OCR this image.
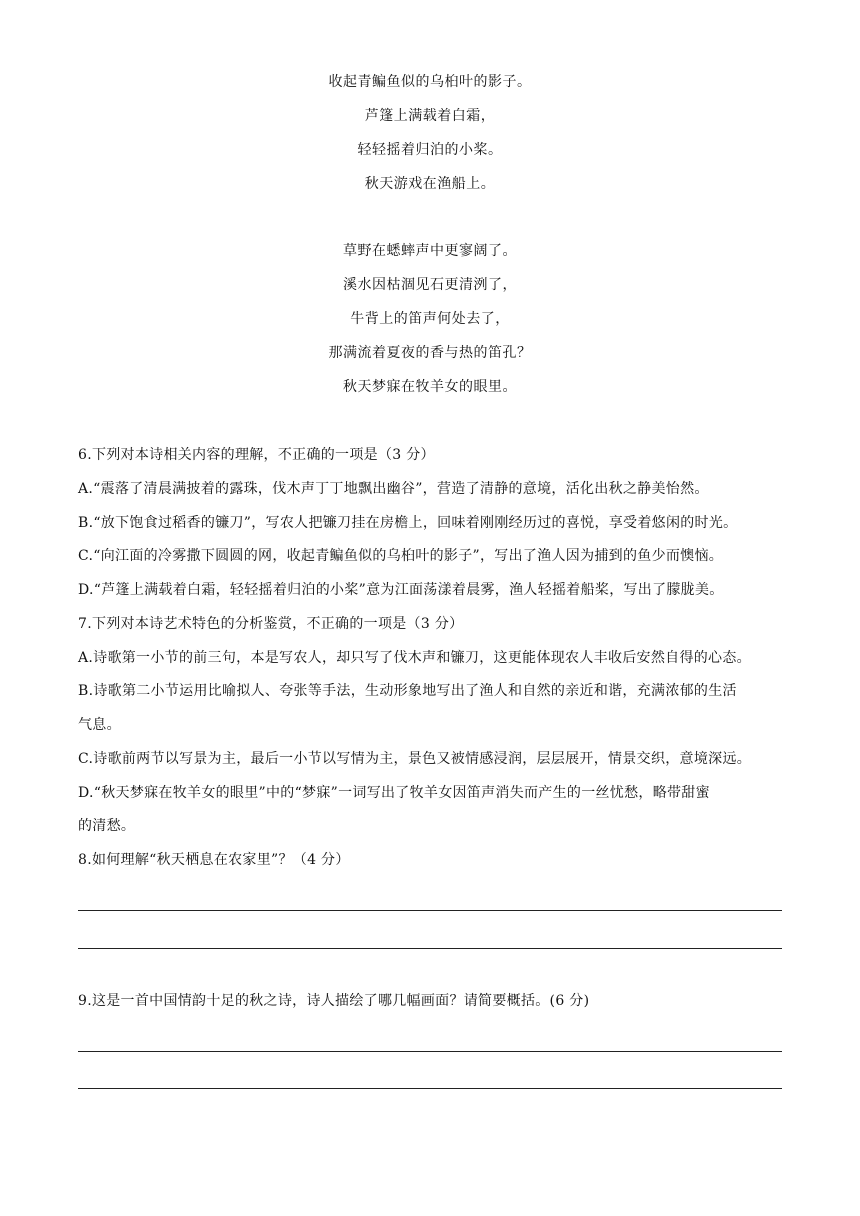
收起青鳊鱼似的乌桕叶的影子。
芦篷上满载着白霜，
轻轻摇着归泊的小桨。
秋天游戏在渔船上。
草野在蟋蟀声中更寥阔了。
溪水因枯涸见石更清洌了，
牛背上的笛声何处去了，
那满流着夏夜的香与热的笛孔？
秋天梦寐在牧羊女的眼里。
6.下列对本诗相关内容的理解，不正确的一项是（3 分）
A.“震落了清晨满披着的露珠，伐木声丁丁地飘出幽谷”，营造了清静的意境，活化出秋之静美怡然。
B.“放下饱食过稻香的镰刀”，写农人把镰刀挂在房檐上，回味着刚刚经历过的喜悦，享受着悠闲的时光。
C.“向江面的冷雾撒下圆圆的网，收起青鳊鱼似的乌桕叶的影子”，写出了渔人因为捕到的鱼少而懊恼。
D.“芦篷上满载着白霜，轻轻摇着归泊的小桨”意为江面荡漾着晨雾，渔人轻摇着船桨，写出了朦胧美。
7.下列对本诗艺术特色的分析鉴赏，不正确的一项是（3 分）
A.诗歌第一小节的前三句，本是写农人，却只写了伐木声和镰刀，这更能体现农人丰收后安然自得的心态。
B.诗歌第二小节运用比喻拟人、夸张等手法，生动形象地写出了渔人和自然的亲近和谐，充满浓郁的生活
气息。
C.诗歌前两节以写景为主，最后一小节以写情为主，景色又被情感浸润，层层展开，情景交织，意境深远。
D.“秋天梦寐在牧羊女的眼里”中的“梦寐”一词写出了牧羊女因笛声消失而产生的一丝忧愁，略带甜蜜
的清愁。
8.如何理解“秋天栖息在农家里”？（4 分）
9.这是一首中国情韵十足的秋之诗，诗人描绘了哪几幅画面？请简要概括。(6 分)
